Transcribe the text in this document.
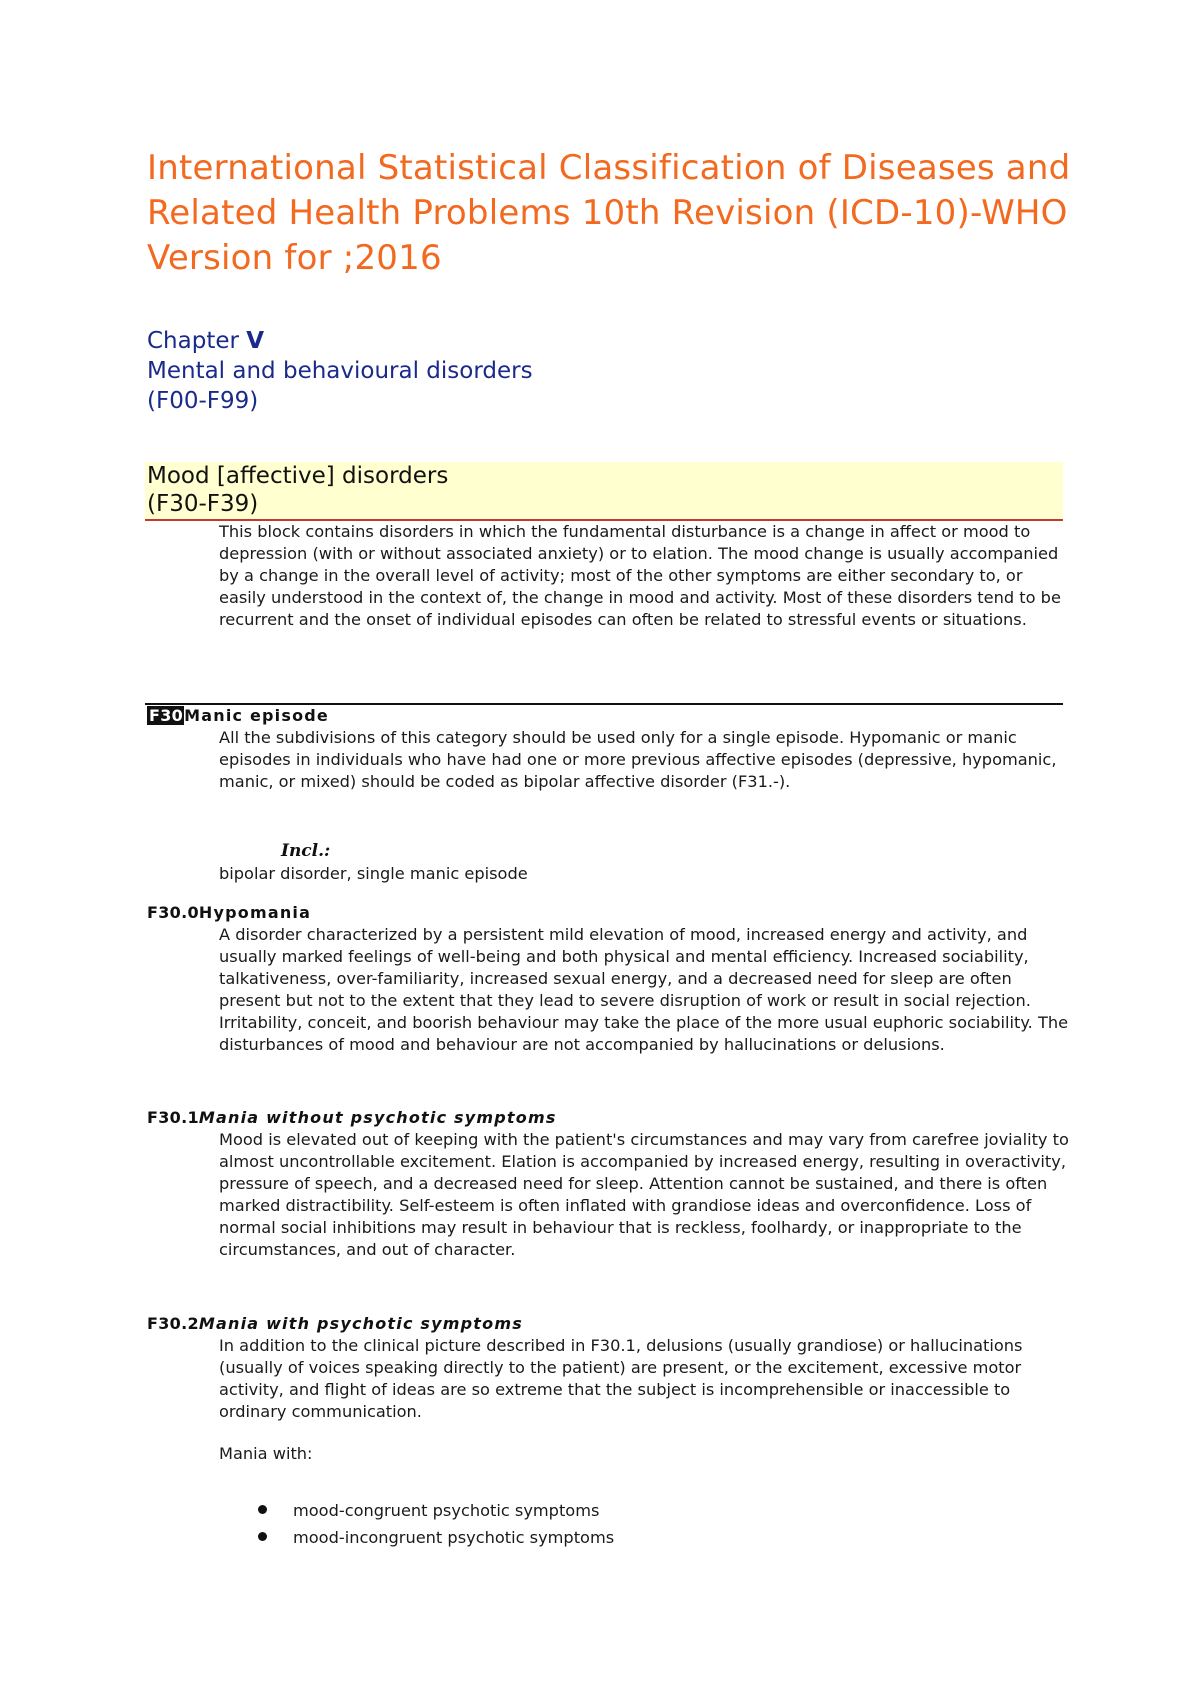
International Statistical Classification of Diseases and Related Health Problems 10th Revision (ICD-10)-WHO Version for ;2016
Chapter V
Mental and behavioural disorders
(F00-F99)
Mood [affective] disorders
(F30-F39)

This block contains disorders in which the fundamental disturbance is a change in affect or mood to depression (with or without associated anxiety) or to elation. The mood change is usually accompanied by a change in the overall level of activity; most of the other symptoms are either secondary to, or easily understood in the context of, the change in mood and activity. Most of these disorders tend to be recurrent and the onset of individual episodes can often be related to stressful events or situations.

F30Manic episode

All the subdivisions of this category should be used only for a single episode. Hypomanic or manic episodes in individuals who have had one or more previous affective episodes (depressive, hypomanic, manic, or mixed) should be coded as bipolar affective disorder (F31.-).

Incl.:

bipolar disorder, single manic episode

F30.0Hypomania

A disorder characterized by a persistent mild elevation of mood, increased energy and activity, and usually marked feelings of well-being and both physical and mental efficiency. Increased sociability, talkativeness, over-familiarity, increased sexual energy, and a decreased need for sleep are often present but not to the extent that they lead to severe disruption of work or result in social rejection. Irritability, conceit, and boorish behaviour may take the place of the more usual euphoric sociability. The disturbances of mood and behaviour are not accompanied by hallucinations or delusions.

F30.1Mania without psychotic symptoms

Mood is elevated out of keeping with the patient's circumstances and may vary from carefree joviality to almost uncontrollable excitement. Elation is accompanied by increased energy, resulting in overactivity, pressure of speech, and a decreased need for sleep. Attention cannot be sustained, and there is often marked distractibility. Self-esteem is often inflated with grandiose ideas and overconfidence. Loss of normal social inhibitions may result in behaviour that is reckless, foolhardy, or inappropriate to the circumstances, and out of character.

F30.2Mania with psychotic symptoms

In addition to the clinical picture described in F30.1, delusions (usually grandiose) or hallucinations (usually of voices speaking directly to the patient) are present, or the excitement, excessive motor activity, and flight of ideas are so extreme that the subject is incomprehensible or inaccessible to ordinary communication.

Mania with:

mood-congruent psychotic symptoms
mood-incongruent psychotic symptoms
